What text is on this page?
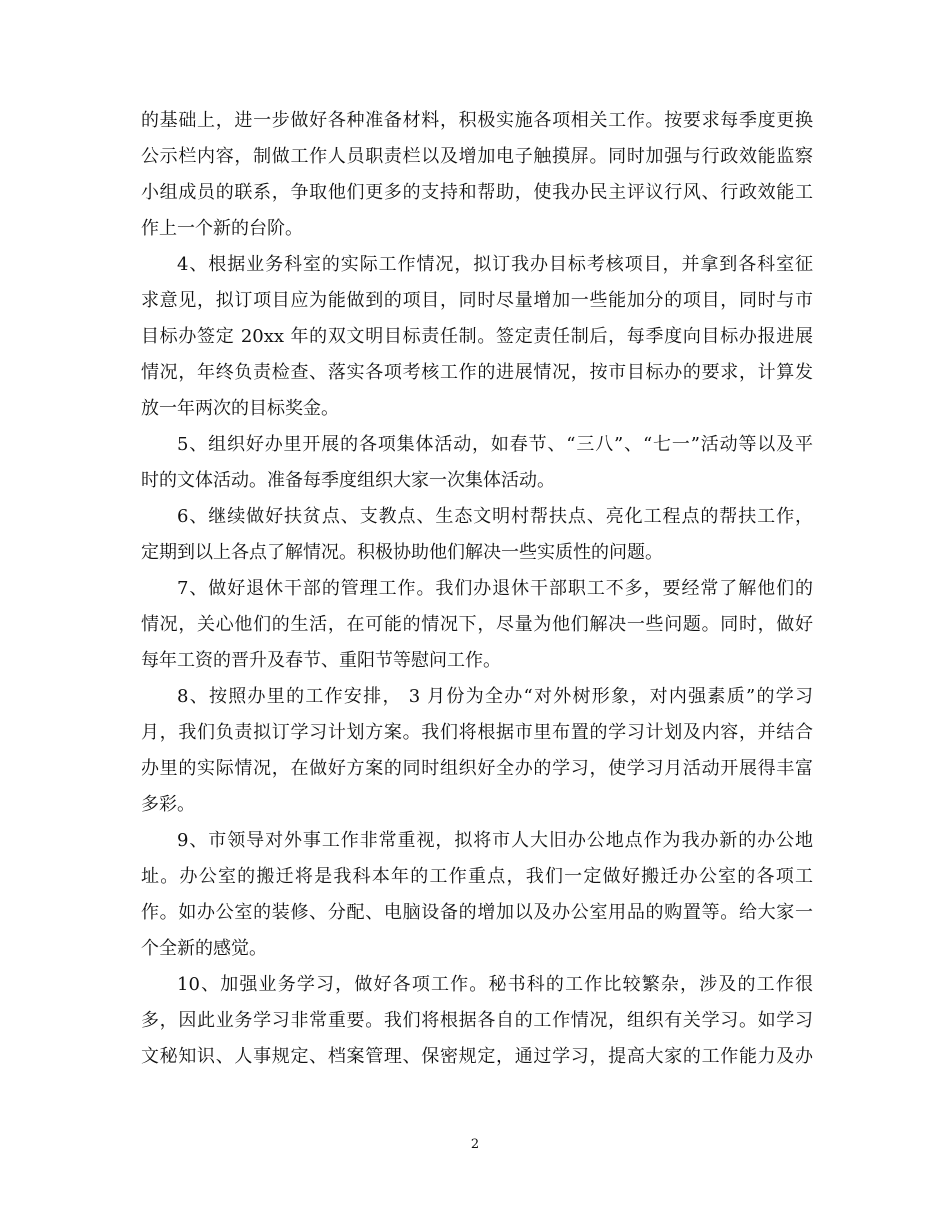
的基础上，进一步做好各种准备材料，积极实施各项相关工作。按要求每季度更换
公示栏内容，制做工作人员职责栏以及增加电子触摸屏。同时加强与行政效能监察
小组成员的联系，争取他们更多的支持和帮助，使我办民主评议行风、行政效能工
作上一个新的台阶。
4、根据业务科室的实际工作情况，拟订我办目标考核项目，并拿到各科室征
求意见，拟订项目应为能做到的项目，同时尽量增加一些能加分的项目，同时与市
目标办签定 20xx 年的双文明目标责任制。签定责任制后，每季度向目标办报进展
情况，年终负责检查、落实各项考核工作的进展情况，按市目标办的要求，计算发
放一年两次的目标奖金。
5、组织好办里开展的各项集体活动，如春节、“三八”、“七一”活动等以及平
时的文体活动。准备每季度组织大家一次集体活动。
6、继续做好扶贫点、支教点、生态文明村帮扶点、亮化工程点的帮扶工作，
定期到以上各点了解情况。积极协助他们解决一些实质性的问题。
7、做好退休干部的管理工作。我们办退休干部职工不多，要经常了解他们的
情况，关心他们的生活，在可能的情况下，尽量为他们解决一些问题。同时，做好
每年工资的晋升及春节、重阳节等慰问工作。
8、按照办里的工作安排， 3 月份为全办“对外树形象，对内强素质”的学习
月，我们负责拟订学习计划方案。我们将根据市里布置的学习计划及内容，并结合
办里的实际情况，在做好方案的同时组织好全办的学习，使学习月活动开展得丰富
多彩。
9、市领导对外事工作非常重视，拟将市人大旧办公地点作为我办新的办公地
址。办公室的搬迁将是我科本年的工作重点，我们一定做好搬迁办公室的各项工
作。如办公室的装修、分配、电脑设备的增加以及办公室用品的购置等。给大家一
个全新的感觉。
10、加强业务学习，做好各项工作。秘书科的工作比较繁杂，涉及的工作很
多，因此业务学习非常重要。我们将根据各自的工作情况，组织有关学习。如学习
文秘知识、人事规定、档案管理、保密规定，通过学习，提高大家的工作能力及办
2
